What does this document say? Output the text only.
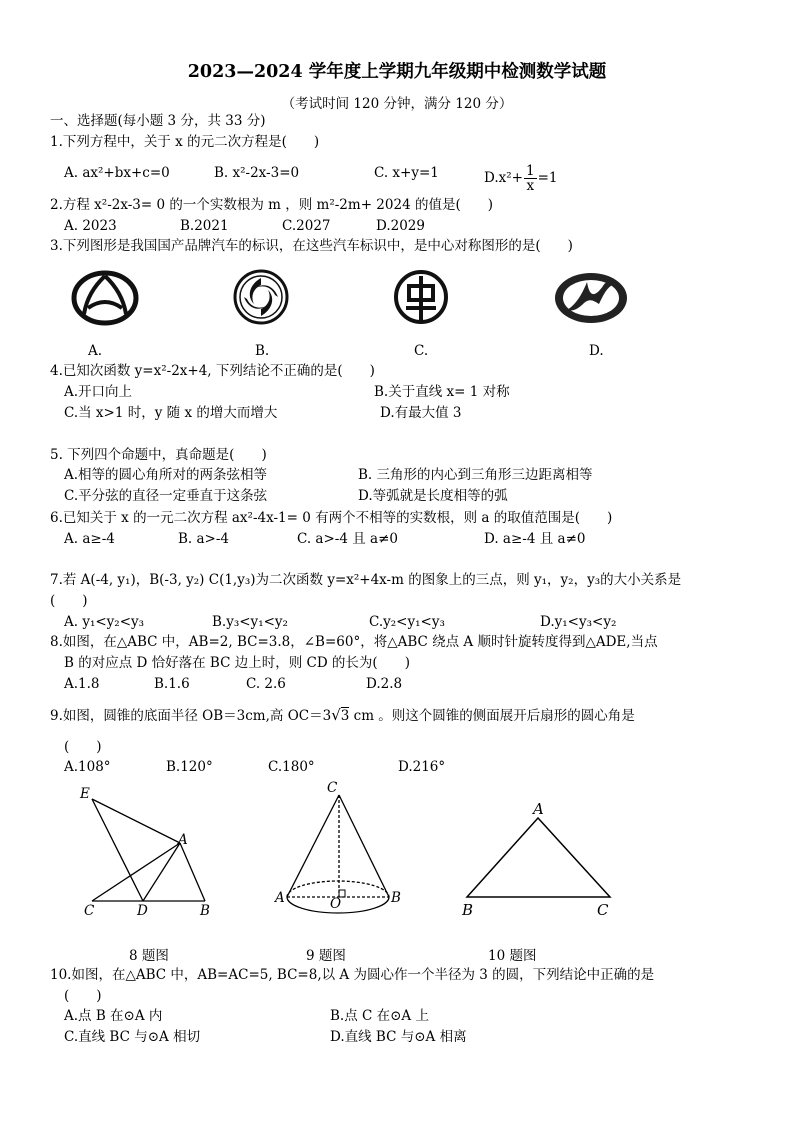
2023—2024 学年度上学期九年级期中检测数学试题
（考试时间 120 分钟，满分 120 分）
一、选择题(每小题 3 分，共 33 分)
1.下列方程中，关于 x 的元二次方程是(　　)
A. ax²+bx+c=0	B. x²-2x-3=0	C. x+y=1	$D.x^2+ \frac{1}{x} =1$
2.方程 x²-2x-3= 0 的一个实数根为 m ，则 m²-2m+ 2024 的值是(　　)
A. 2023	B.2021	C.2027	D.2029
3.下列图形是我国国产品牌汽车的标识，在这些汽车标识中，是中心对称图形的是(　　)
A.	B.	C.	D.
4.已知次函数 y=x²-2x+4, 下列结论不正确的是(　　)
A.开口向上	B.关于直线 x= 1 对称
C.当 x>1 时，y 随 x 的增大而增大	D.有最大值 3
5. 下列四个命题中，真命题是(　　)
A.相等的圆心角所对的两条弦相等	B. 三角形的内心到三角形三边距离相等
C.平分弦的直径一定垂直于这条弦	D.等弧就是长度相等的弧
6.已知关于 x 的一元二次方程 ax²-4x-1= 0 有两个不相等的实数根，则 a 的取值范围是(　　)
A. a≥-4	B. a>-4	C. a>-4 且 a≠0	D. a≥-4 且 a≠0
7.若 A(-4, y₁)，B(-3, y₂) C(1,y₃)为二次函数 y=x²+4x-m 的图象上的三点，则 y₁，y₂，y₃的大小关系是
(　　)
A. y₁<y₂<y₃	B.y₃<y₁<y₂	C.y₂<y₁<y₃	D.y₁<y₃<y₂
8.如图，在△ABC 中，AB=2, BC=3.8，∠B=60°，将△ABC 绕点 A 顺时针旋转度得到△ADE,当点
B 的对应点 D 恰好落在 BC 边上时，则 CD 的长为(　　)
A.1.8	B.1.6	C. 2.6	D.2.8
9.如图，圆锥的底面半径 OB＝3cm,高 OC＝3√3 cm 。则这个圆锥的侧面展开后扇形的圆心角是
(　　)
A.108°	B.120°	C.180°	D.216°
E
A
C	D	B
C
A	O	B
A
B	C
8 题图	9 题图	10 题图
10.如图，在△ABC 中，AB=AC=5, BC=8,以 A 为圆心作一个半径为 3 的圆，下列结论中正确的是
(　　)
A.点 B 在⊙A 内	B.点 C 在⊙A 上
C.直线 BC 与⊙A 相切	D.直线 BC 与⊙A 相离
